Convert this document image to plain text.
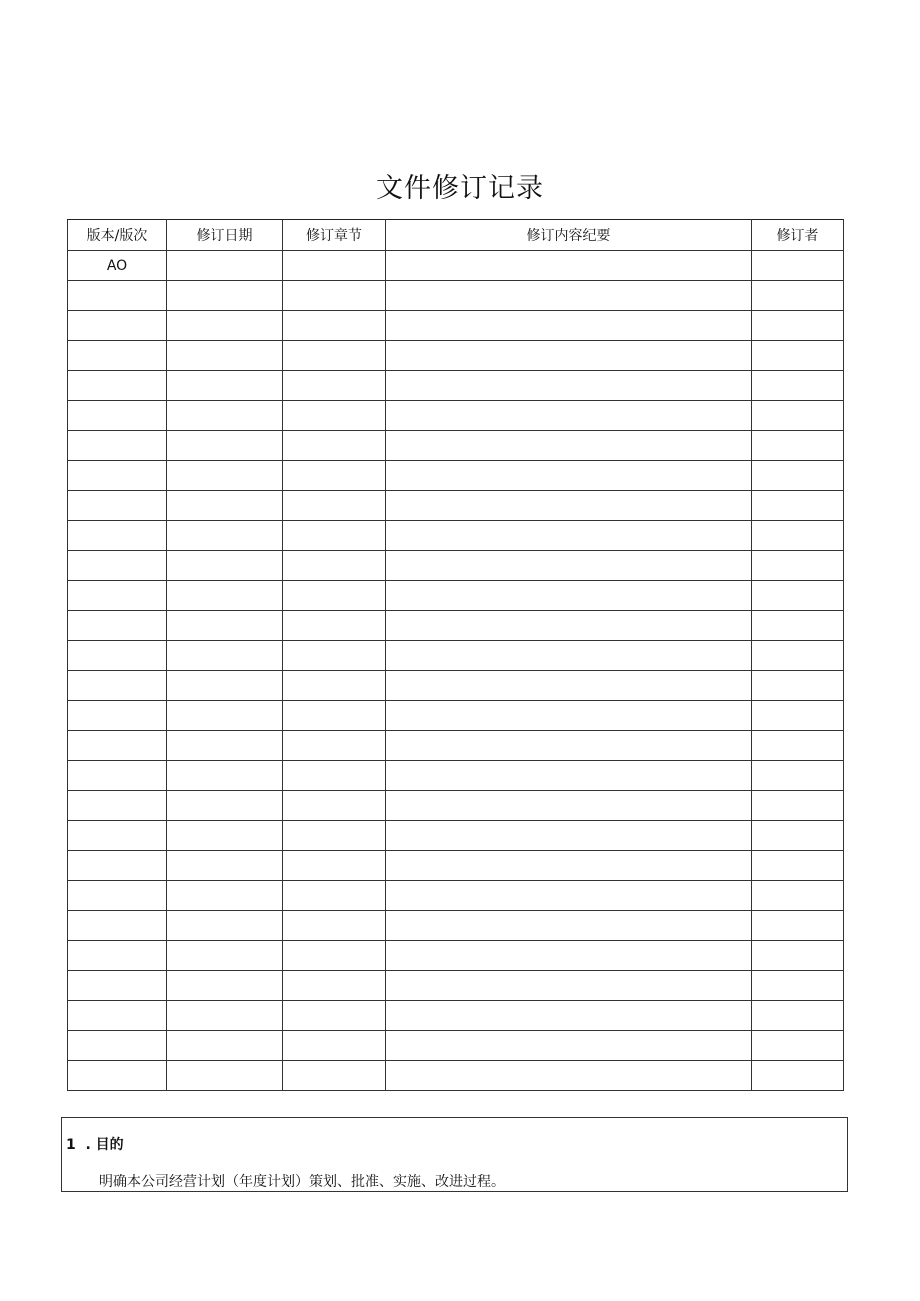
文件修订记录
版本/版次	修订日期	修订章节	修订内容纪要	修订者
AO				

1  . 目的
明确本公司经营计划（年度计划）策划、批准、实施、改进过程。
